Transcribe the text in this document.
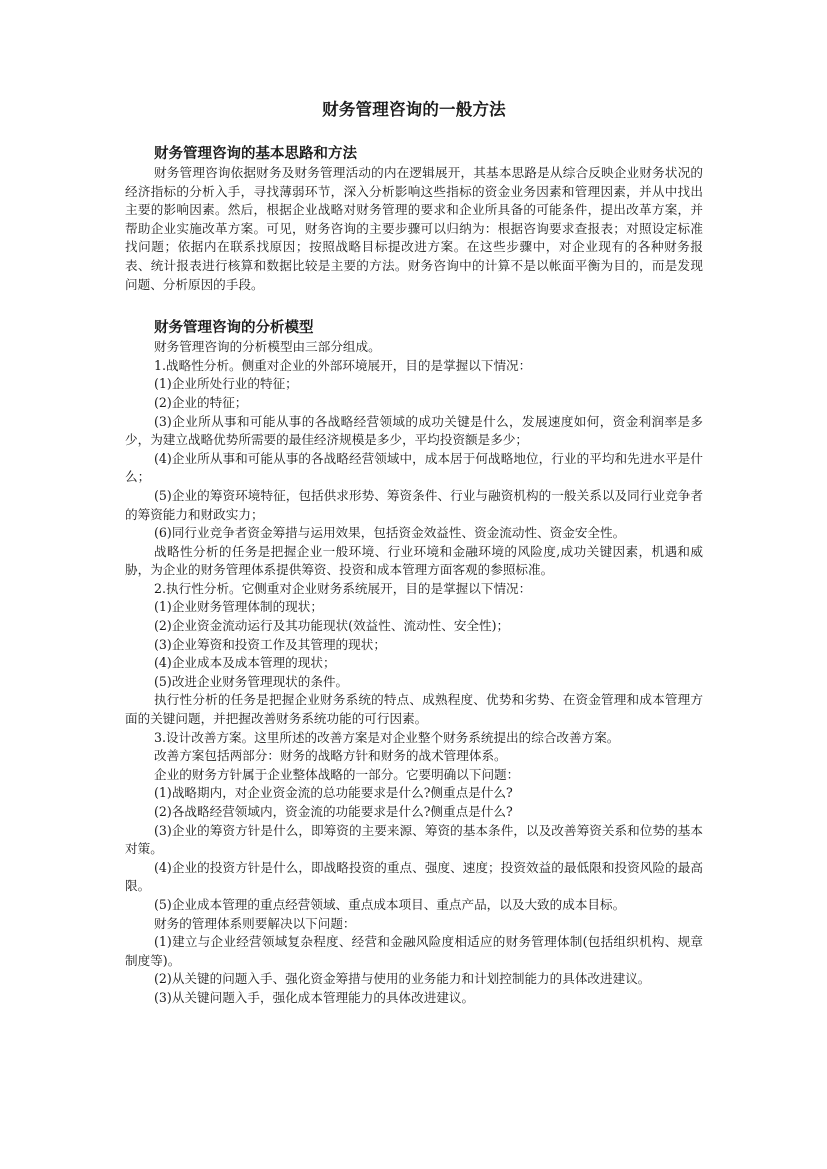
财务管理咨询的一般方法
财务管理咨询的基本思路和方法

财务管理咨询依据财务及财务管理活动的内在逻辑展开，其基本思路是从综合反映企业财务状况的经济指标的分析入手，寻找薄弱环节，深入分析影响这些指标的资金业务因素和管理因素，并从中找出主要的影响因素。然后，根据企业战略对财务管理的要求和企业所具备的可能条件，提出改革方案，并帮助企业实施改革方案。可见，财务咨询的主要步骤可以归纳为：根据咨询要求查报表；对照设定标准找问题；依据内在联系找原因；按照战略目标提改进方案。在这些步骤中，对企业现有的各种财务报表、统计报表进行核算和数据比较是主要的方法。财务咨询中的计算不是以帐面平衡为目的，而是发现问题、分析原因的手段。

财务管理咨询的分析模型

财务管理咨询的分析模型由三部分组成。

1.战略性分析。侧重对企业的外部环境展开，目的是掌握以下情况：

(1)企业所处行业的特征；

(2)企业的特征；

(3)企业所从事和可能从事的各战略经营领域的成功关键是什么，发展速度如何，资金利润率是多少，为建立战略优势所需要的最佳经济规模是多少，平均投资额是多少；

(4)企业所从事和可能从事的各战略经营领域中，成本居于何战略地位，行业的平均和先进水平是什么；

(5)企业的筹资环境特征，包括供求形势、筹资条件、行业与融资机构的一般关系以及同行业竞争者的筹资能力和财政实力；

(6)同行业竞争者资金筹措与运用效果，包括资金效益性、资金流动性、资金安全性。

战略性分析的任务是把握企业一般环境、行业环境和金融环境的风险度,成功关键因素，机遇和威胁，为企业的财务管理体系提供筹资、投资和成本管理方面客观的参照标准。

2.执行性分析。它侧重对企业财务系统展开，目的是掌握以下情况：

(1)企业财务管理体制的现状；

(2)企业资金流动运行及其功能现状(效益性、流动性、安全性)；

(3)企业筹资和投资工作及其管理的现状；

(4)企业成本及成本管理的现状；

(5)改进企业财务管理现状的条件。

执行性分析的任务是把握企业财务系统的特点、成熟程度、优势和劣势、在资金管理和成本管理方面的关键问题，并把握改善财务系统功能的可行因素。

3.设计改善方案。这里所述的改善方案是对企业整个财务系统提出的综合改善方案。

改善方案包括两部分：财务的战略方针和财务的战术管理体系。

企业的财务方针属于企业整体战略的一部分。它要明确以下问题：

(1)战略期内，对企业资金流的总功能要求是什么?侧重点是什么?

(2)各战略经营领域内，资金流的功能要求是什么?侧重点是什么?

(3)企业的筹资方针是什么，即筹资的主要来源、筹资的基本条件，以及改善筹资关系和位势的基本对策。

(4)企业的投资方针是什么，即战略投资的重点、强度、速度；投资效益的最低限和投资风险的最高限。

(5)企业成本管理的重点经营领域、重点成本项目、重点产品，以及大致的成本目标。

财务的管理体系则要解决以下问题：

(1)建立与企业经营领域复杂程度、经营和金融风险度相适应的财务管理体制(包括组织机构、规章制度等)。

(2)从关键的问题入手、强化资金筹措与使用的业务能力和计划控制能力的具体改进建议。

(3)从关键问题入手，强化成本管理能力的具体改进建议。
